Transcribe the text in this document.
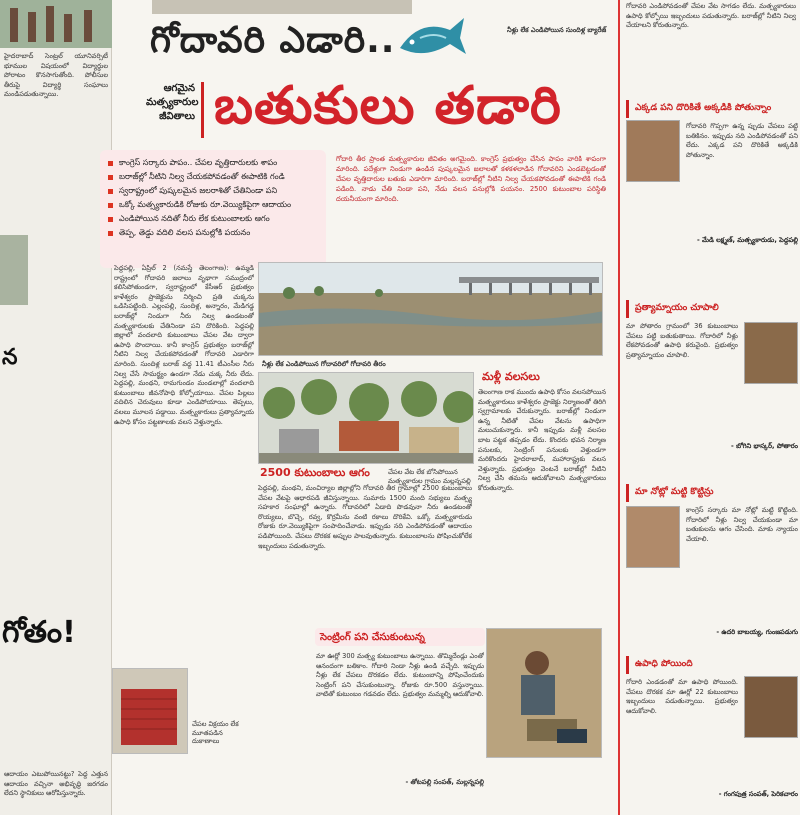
హైదరాబాద్ సెంట్రల్ యూనివర్సిటీ భూముల విషయంలో విద్యార్థుల పోరాటం కొనసాగుతోంది. పోలీసుల తీరుపై విద్యార్థి సంఘాలు మండిపడుతున్నాయి.
న
గోతం!
ఆదాయం ఎటుపోయినట్టు? పెద్ద ఎత్తున ఆదాయం వచ్చినా అభివృద్ధి జరగడం లేదని స్థానికులు ఆరోపిస్తున్నారు.
నీళ్లు లేక ఎండిపోయిన సుందిళ్ల బ్యారేజ్
గోదావరి ఎడారి..
ఆగమైన మత్స్యకారుల జీవితాలు బతుకులు తడారి
కాంగ్రెస్ సర్కారు పాపం.. చేపల వృత్తిదారులకు శాపం
బరాజ్‌ల్లో నీటిని నిల్వ చేయకపోవడంతో ఈపాటికి గండి
స్వరాష్ట్రంలో పుష్కలమైన జలరాశితో చేతినిండా పని
ఒక్కో మత్స్యకారుడికి రోజుకు రూ.వెయ్యికిపైగా ఆదాయం
ఎండిపోయిన నదితో నీరు లేక కుటుంబాలకు ఆగం
తెప్ప, తెడ్డు వదిలి వలస పనుల్లోకి పయనం
గోదారి తీర ప్రాంత మత్స్యకారుల జీవితం అగమైంది. కాంగ్రెస్ ప్రభుత్వం చేసిన పాపం వారికి శాపంగా మారింది. పదేళ్లుగా నిండుగా ఉండిన పుష్కలమైన జలాలతో కళకళలాడిన గోదావరిని ఎండబెట్టడంతో చేపల వృత్తిదారుల బతుకు ఎడారిగా మారింది. బరాజ్‌ల్లో నీటిని నిల్వ చేయకపోవడంతో ఈపాటికి గండి పడింది. నాడు చేతి నిండా పని, నేడు వలస పనుల్లోకి పయనం. 2500 కుటుంబాల పరిస్థితి దయనీయంగా మారింది.
నీళ్లు లేక ఎండిపోయిన గోదావరిలో గోదావరి తీరం
పెద్దపల్లి, ఏప్రిల్ 2 (నమస్తే తెలంగాణ): ఉమ్మడి రాష్ట్రంలో గోదావరి జలాలు వృథాగా సముద్రంలో కలిసిపోతుండగా, స్వరాష్ట్రంలో కేసీఆర్ ప్రభుత్వం కాళేశ్వరం ప్రాజెక్టును నిర్మించి ప్రతి చుక్కను ఒడిసిపట్టింది. ఎల్లంపల్లి, సుందిళ్ల, అన్నారం, మేడిగడ్డ బరాజ్‌ల్లో నిండుగా నీరు నిల్వ ఉండటంతో మత్స్యకారులకు చేతినిండా పని దొరికింది. పెద్దపల్లి జిల్లాలో వందలాది కుటుంబాలు చేపల వేట ద్వారా ఉపాధి పొందాయి. కానీ కాంగ్రెస్ ప్రభుత్వం బరాజ్‌ల్లో నీటిని నిల్వ చేయకపోవడంతో గోదావరి ఎడారిగా మారింది. సుందిళ్ల బరాజ్ వద్ద 11.41 టీఎంసీల నీరు నిల్వ చేసే సామర్థ్యం ఉండగా నేడు చుక్క నీరు లేదు. పెద్దపల్లి, మంథని, రామగుండం మండలాల్లో వందలాది కుటుంబాలు జీవనోపాధి కోల్పోయాయి. చేపల పిల్లలు వదిలిన చెరువులు కూడా ఎండిపోయాయి. తెప్పలు, వలలు మూలన పడ్డాయి. మత్స్యకారులు ప్రత్యామ్నాయ ఉపాధి కోసం పట్టణాలకు వలస వెళ్తున్నారు.
చేపల వేట లేక బోసిపోయిన మత్స్యకారుల గ్రామం మల్లన్నపల్లి
2500 కుటుంబాలు ఆగం
పెద్దపల్లి, మంథని, మంచిర్యాల జిల్లాల్లోని గోదావరి తీర గ్రామాల్లో 2500 కుటుంబాలు చేపల వేటపై ఆధారపడి జీవిస్తున్నాయి. సుమారు 1500 మంది సభ్యులు మత్స్య సహకార సంఘాల్లో ఉన్నారు. గోదావరిలో ఏడాది పొడవునా నీరు ఉండటంతో రొయ్యలు, బొచ్చె, రవ్వ, కొర్రమీను వంటి రకాలు దొరికేవి. ఒక్కో మత్స్యకారుడు రోజుకు రూ.వెయ్యికిపైగా సంపాదించేవాడు. ఇప్పుడు నది ఎండిపోవడంతో ఆదాయం పడిపోయింది. చేపలు దొరకక అప్పుల పాలవుతున్నారు. కుటుంబాలను పోషించుకోలేక ఇబ్బందులు పడుతున్నారు.
మళ్లీ వలసలు
తెలంగాణ రాక ముందు ఉపాధి కోసం వలసపోయిన మత్స్యకారులు కాళేశ్వరం ప్రాజెక్టు నిర్మాణంతో తిరిగి స్వగ్రామాలకు చేరుకున్నారు. బరాజ్‌ల్లో నిండుగా ఉన్న నీటితో చేపల వేటను ఉపాధిగా మలుచుకున్నారు. కానీ ఇప్పుడు మళ్లీ వలసల బాట పట్టక తప్పడం లేదు. కొందరు భవన నిర్మాణ పనులకు, సెంట్రింగ్ పనులకు వెళ్తుండగా మరికొందరు హైదరాబాద్, మహారాష్ట్రకు వలస వెళ్తున్నారు. ప్రభుత్వం వెంటనే బరాజ్‌ల్లో నీటిని నిల్వ చేసి తమను ఆదుకోవాలని మత్స్యకారులు కోరుతున్నారు.
సెంట్రింగ్ పని చేసుకుంటున్న
మా ఊర్లో 300 మత్స్య కుటుంబాలు ఉన్నాయి. తొమ్మిదేండ్లు ఎంతో ఆనందంగా బతికాం. గోదారి నిండా నీళ్లు ఉండి వచ్చేది. ఇప్పుడు నీళ్లు లేక చేపలు దొరకడం లేదు. కుటుంబాన్ని పోషించేందుకు సెంట్రింగ్ పని చేసుకుంటున్నా. రోజుకు రూ.500 వస్తున్నాయి. వాటితో కుటుంబం గడవడం లేదు. ప్రభుత్వం మమ్మల్ని ఆదుకోవాలి.
- తోటపల్లి సంపత్, మల్లన్నపల్లి
చేపల విక్రయం లేక మూతపడిన దుకాణాలు
గోదావరి ఎండిపోవడంతో చేపల వేట సాగడం లేదు. మత్స్యకారులు ఉపాధి కోల్పోయి ఇబ్బందులు పడుతున్నారు. బరాజ్‌ల్లో నీటిని నిల్వ చేయాలని కోరుతున్నారు.
ఎక్కడ పని దొరికితే అక్కడికి పోతున్నాం
గోదావరి గొప్పగా ఉన్న ప్పుడు చేపలు పట్టి బతికినం. ఇప్పుడు నది ఎండిపోవడంతో పని లేదు. ఎక్కడ పని దొరికితే అక్కడికి పోతున్నాం.
- మేడి లక్ష్మణ్, మత్స్యకారుడు, పెద్దపల్లి
ప్రత్యామ్నాయం చూపాలి
మా పోతారం గ్రామంలో 36 కుటుంబాలు చేపలు పట్టి బతుకుతాయి. గోదారిలో నీళ్లు లేకపోవడంతో ఉపాధి కరువైంది. ప్రభుత్వం ప్రత్యామ్నాయం చూపాలి.
- బోగిని భాస్కర్, పోతారం
మా నోట్లో మట్టి కొట్టిన్రు
కాంగ్రెస్ సర్కారు మా నోట్లో మట్టి కొట్టింది. గోదారిలో నీళ్లు నిల్వ చేయకుండా మా బతుకులను ఆగం చేసింది. మాకు న్యాయం చేయాలి.
- ఉదరి బాబయ్య, గుంజపడుగు
ఉపాధి పోయింది
గోదారి ఎండడంతో మా ఉపాధి పోయింది. చేపలు దొరకక మా ఊర్లో 22 కుటుంబాలు ఇబ్బందులు పడుతున్నాయి. ప్రభుత్వం ఆదుకోవాలి.
- గంగపుత్ర సంపత్, పెరికచారం
